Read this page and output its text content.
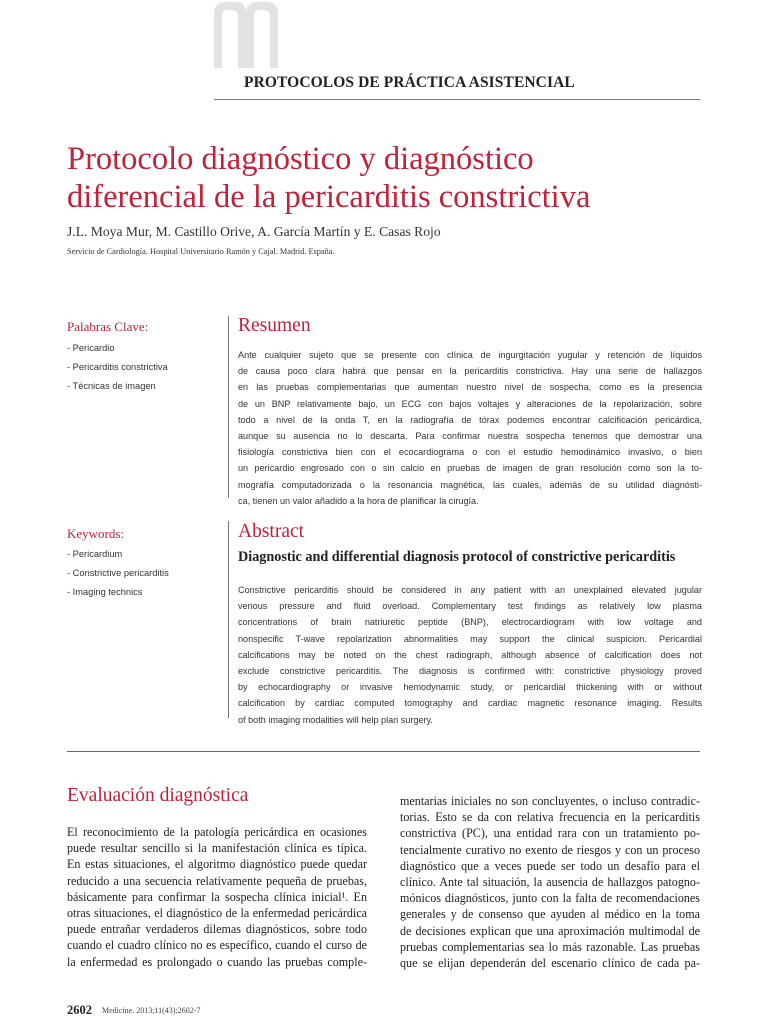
PROTOCOLOS DE PRÁCTICA ASISTENCIAL
Protocolo diagnóstico y diagnóstico
diferencial de la pericarditis constrictiva
J.L. Moya Mur, M. Castillo Orive, A. García Martín y E. Casas Rojo
Servicio de Cardiología. Hospital Universitario Ramón y Cajal. Madrid. España.
Palabras Clave:
- Pericardio
- Pericarditis constrictiva
- Técnicas de imagen
Resumen

Ante cualquier sujeto que se presente con clínica de ingurgitación yugular y retención de líquidos
de causa poco clara habrá que pensar en la pericarditis constrictiva. Hay una serie de hallazgos
en las pruebas complementarias que aumentan nuestro nivel de sospecha, como es la presencia
de un BNP relativamente bajo, un ECG con bajos voltajes y alteraciones de la repolarización, sobre
todo a nivel de la onda T, en la radiografía de tórax podemos encontrar calcificación pericárdica,
aunque su ausencia no lo descarta. Para confirmar nuestra sospecha tenemos que demostrar una
fisiología constrictiva bien con el ecocardiograma o con el estudio hemodinámico invasivo, o bien
un pericardio engrosado con o sin calcio en pruebas de imagen de gran resolución como son la to-
mografía computadorizada o la resonancia magnética, las cuales, además de su utilidad diagnósti-
ca, tienen un valor añadido a la hora de planificar la cirugía.

Keywords:
- Pericardium
- Constrictive pericarditis
- Imaging technics
Abstract
Diagnostic and differential diagnosis protocol of constrictive pericarditis

Constrictive pericarditis should be considered in any patient with an unexplained elevated jugular
venous pressure and fluid overload. Complementary test findings as relatively low plasma
concentrations of brain natriuretic peptide (BNP), electrocardiogram with low voltage and
nonspecific T-wave repolarization abnormalities may support the clinical suspicion. Pericardial
calcifications may be noted on the chest radiograph, although absence of calcification does not
exclude constrictive pericarditis. The diagnosis is confirmed with: constrictive physiology proved
by echocardiography or invasive hemodynamic study, or pericardial thickening with or without
calcification by cardiac computed tomography and cardiac magnetic resonance imaging. Results
of both imaging modalities will help plan surgery.

Evaluación diagnóstica

El reconocimiento de la patología pericárdica en ocasiones
puede resultar sencillo si la manifestación clínica es típica.
En estas situaciones, el algoritmo diagnóstico puede quedar
reducido a una secuencia relativamente pequeña de pruebas,
básicamente para confirmar la sospecha clínica inicial¹. En
otras situaciones, el diagnóstico de la enfermedad pericárdica
puede entrañar verdaderos dilemas diagnósticos, sobre todo
cuando el cuadro clínico no es específico, cuando el curso de
la enfermedad es prolongado o cuando las pruebas comple-

mentarias iniciales no son concluyentes, o incluso contradic-
torias. Esto se da con relativa frecuencia en la pericarditis
constrictiva (PC), una entidad rara con un tratamiento po-
tencialmente curativo no exento de riesgos y con un proceso
diagnóstico que a veces puede ser todo un desafío para el
clínico. Ante tal situación, la ausencia de hallazgos patogno-
mónicos diagnósticos, junto con la falta de recomendaciones
generales y de consenso que ayuden al médico en la toma
de decisiones explican que una aproximación multimodal de
pruebas complementarias sea lo más razonable. Las pruebas
que se elijan dependerán del escenario clínico de cada pa-

2602 Medicine. 2013;11(43):2602-7
